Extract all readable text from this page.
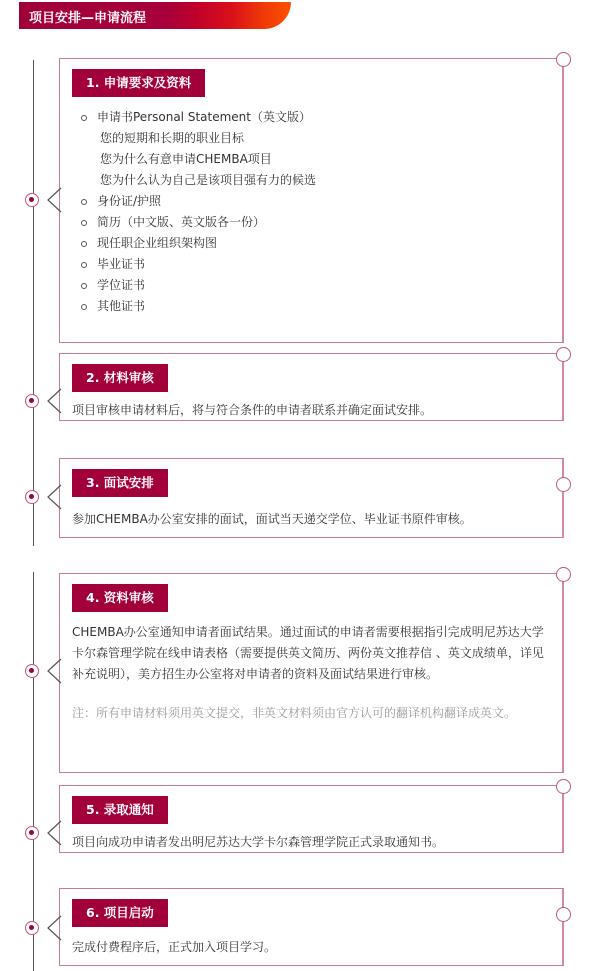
项目安排—申请流程
1. 申请要求及资料
申请书Personal Statement（英文版）
您的短期和长期的职业目标
您为什么有意申请CHEMBA项目
您为什么认为自己是该项目强有力的候选
身份证/护照
简历（中文版、英文版各一份）
现任职企业组织架构图
毕业证书
学位证书
其他证书
2. 材料审核
项目审核申请材料后，将与符合条件的申请者联系并确定面试安排。
3. 面试安排
参加CHEMBA办公室安排的面试，面试当天递交学位、毕业证书原件审核。
4. 资料审核
CHEMBA办公室通知申请者面试结果。通过面试的申请者需要根据指引完成明尼苏达大学卡尔森管理学院在线申请表格（需要提供英文简历、两份英文推荐信 、英文成绩单，详见补充说明），美方招生办公室将对申请者的资料及面试结果进行审核。
注：所有申请材料须用英文提交，非英文材料须由官方认可的翻译机构翻译成英文。
5. 录取通知
项目向成功申请者发出明尼苏达大学卡尔森管理学院正式录取通知书。
6. 项目启动
完成付费程序后，正式加入项目学习。
